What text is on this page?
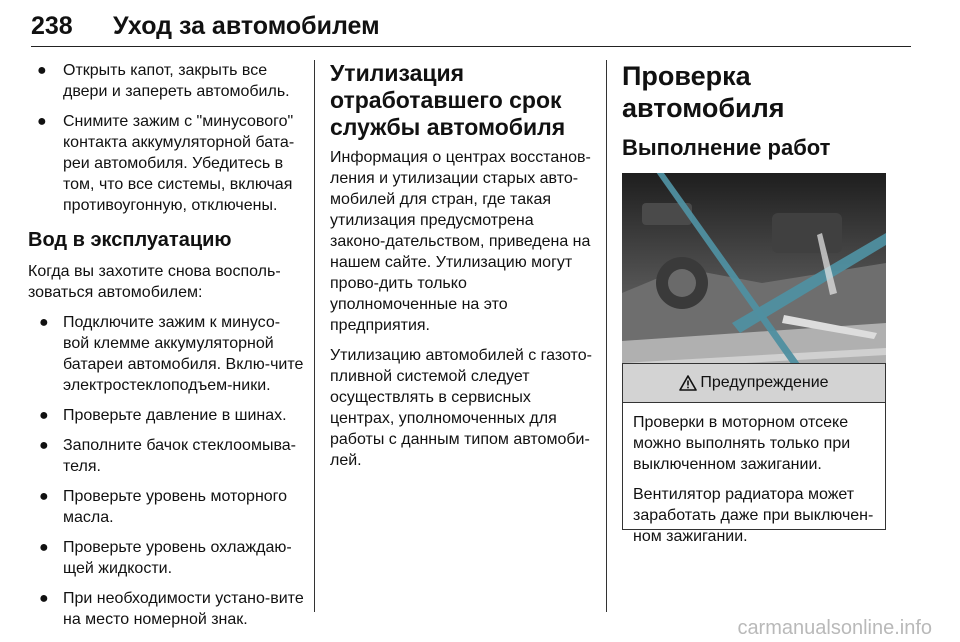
238 Уход за автомобилем
● Открыть капот, закрыть все двери и запереть автомобиль.
● Снимите зажим с "минусового" контакта аккумуляторной бата-реи автомобиля. Убедитесь в том, что все системы, включая противоугонную, отключены.
Вод в эксплуатацию
Когда вы захотите снова восполь-зоваться автомобилем:
● Подключите зажим к минусо-вой клемме аккумуляторной батареи автомобиля. Вклю-чите электростеклоподъем-ники.
● Проверьте давление в шинах.
● Заполните бачок стеклоомыва-теля.
● Проверьте уровень моторного масла.
● Проверьте уровень охлаждаю-щей жидкости.
● При необходимости устано-вите на место номерной знак.
Утилизация отработавшего срок службы автомобиля
Информация о центрах восстанов-ления и утилизации старых авто-мобилей для стран, где такая утилизация предусмотрена законо-дательством, приведена на нашем сайте. Утилизацию могут прово-дить только уполномоченные на это предприятия.
Утилизацию автомобилей с газото-пливной системой следует осуществлять в сервисных центрах, уполномоченных для работы с данным типом автомоби-лей.
Проверка автомобиля
Выполнение работ
Предупреждение
Проверки в моторном отсеке можно выполнять только при выключенном зажигании.
Вентилятор радиатора может заработать даже при выключен-ном зажигании.
carmanualsonline.info
